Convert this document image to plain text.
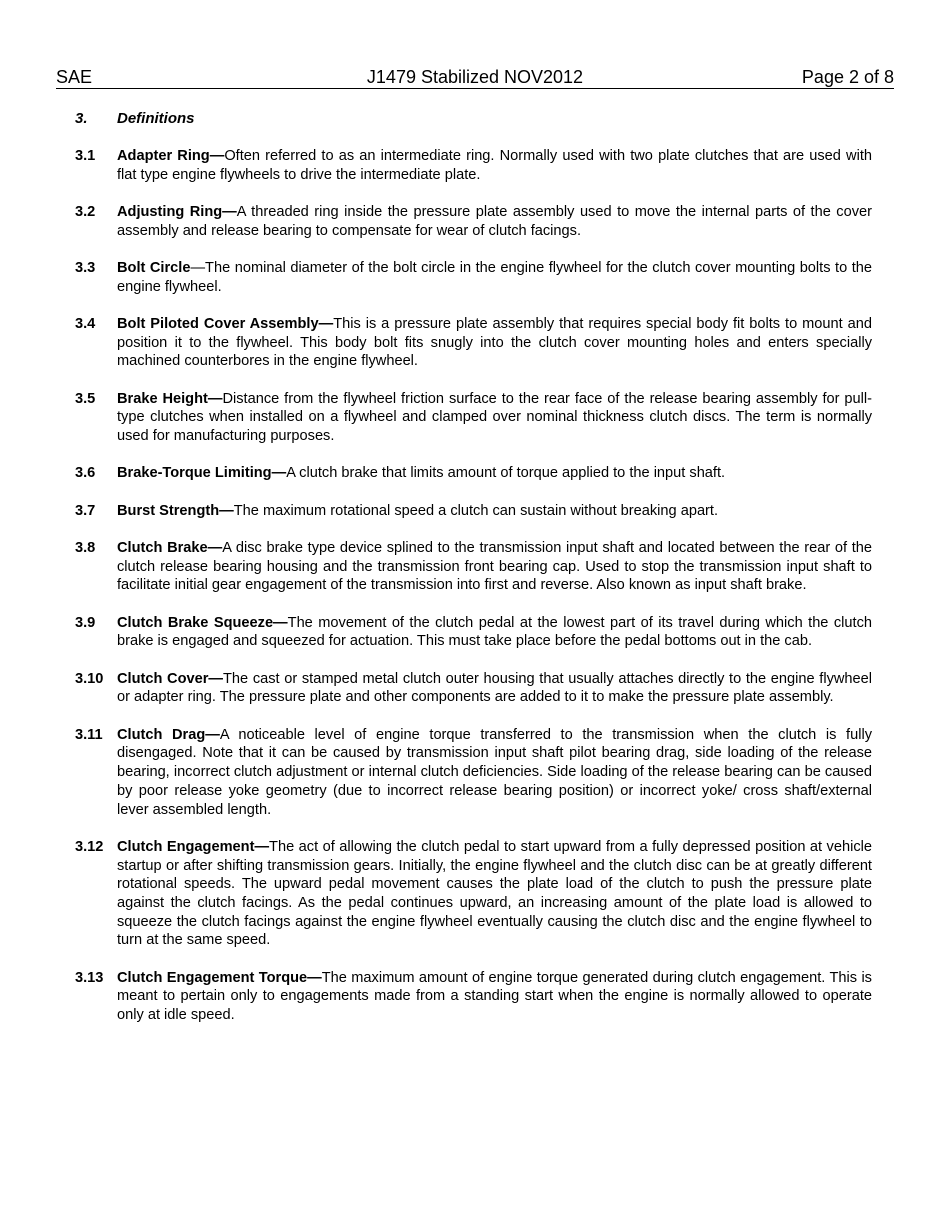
SAE	J1479 Stabilized NOV2012	Page 2 of 8
3. Definitions
3.1 Adapter Ring—Often referred to as an intermediate ring. Normally used with two plate clutches that are used with flat type engine flywheels to drive the intermediate plate.
3.2 Adjusting Ring—A threaded ring inside the pressure plate assembly used to move the internal parts of the cover assembly and release bearing to compensate for wear of clutch facings.
3.3 Bolt Circle—The nominal diameter of the bolt circle in the engine flywheel for the clutch cover mounting bolts to the engine flywheel.
3.4 Bolt Piloted Cover Assembly—This is a pressure plate assembly that requires special body fit bolts to mount and position it to the flywheel. This body bolt fits snugly into the clutch cover mounting holes and enters specially machined counterbores in the engine flywheel.
3.5 Brake Height—Distance from the flywheel friction surface to the rear face of the release bearing assembly for pull-type clutches when installed on a flywheel and clamped over nominal thickness clutch discs. The term is normally used for manufacturing purposes.
3.6 Brake-Torque Limiting—A clutch brake that limits amount of torque applied to the input shaft.
3.7 Burst Strength—The maximum rotational speed a clutch can sustain without breaking apart.
3.8 Clutch Brake—A disc brake type device splined to the transmission input shaft and located between the rear of the clutch release bearing housing and the transmission front bearing cap. Used to stop the transmission input shaft to facilitate initial gear engagement of the transmission into first and reverse. Also known as input shaft brake.
3.9 Clutch Brake Squeeze—The movement of the clutch pedal at the lowest part of its travel during which the clutch brake is engaged and squeezed for actuation. This must take place before the pedal bottoms out in the cab.
3.10 Clutch Cover—The cast or stamped metal clutch outer housing that usually attaches directly to the engine flywheel or adapter ring. The pressure plate and other components are added to it to make the pressure plate assembly.
3.11 Clutch Drag—A noticeable level of engine torque transferred to the transmission when the clutch is fully disengaged. Note that it can be caused by transmission input shaft pilot bearing drag, side loading of the release bearing, incorrect clutch adjustment or internal clutch deficiencies. Side loading of the release bearing can be caused by poor release yoke geometry (due to incorrect release bearing position) or incorrect yoke/ cross shaft/external lever assembled length.
3.12 Clutch Engagement—The act of allowing the clutch pedal to start upward from a fully depressed position at vehicle startup or after shifting transmission gears. Initially, the engine flywheel and the clutch disc can be at greatly different rotational speeds. The upward pedal movement causes the plate load of the clutch to push the pressure plate against the clutch facings. As the pedal continues upward, an increasing amount of the plate load is allowed to squeeze the clutch facings against the engine flywheel eventually causing the clutch disc and the engine flywheel to turn at the same speed.
3.13 Clutch Engagement Torque—The maximum amount of engine torque generated during clutch engagement. This is meant to pertain only to engagements made from a standing start when the engine is normally allowed to operate only at idle speed.
